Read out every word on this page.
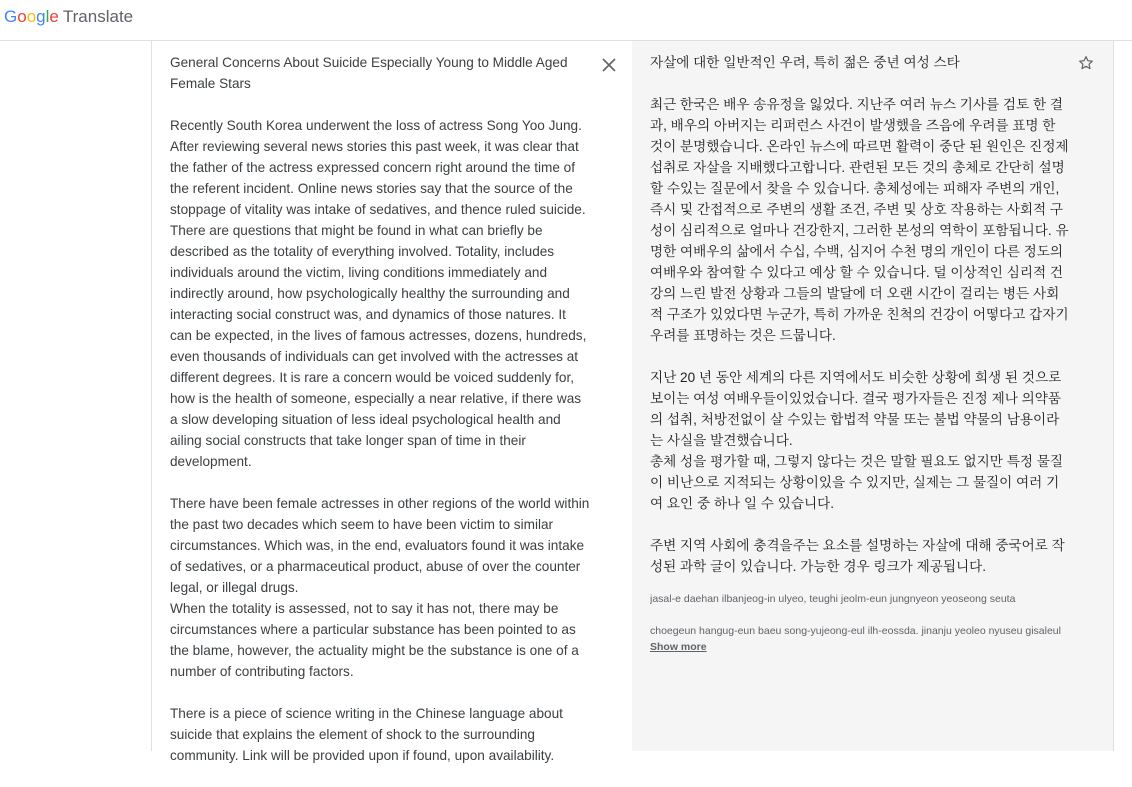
Google Translate

General Concerns About Suicide Especially Young to Middle Aged Female Stars

Recently South Korea underwent the loss of actress Song Yoo Jung. After reviewing several news stories this past week, it was clear that the father of the actress expressed concern right around the time of the referent incident. Online news stories say that the source of the stoppage of vitality was intake of sedatives, and thence ruled suicide. There are questions that might be found in what can briefly be described as the totality of everything involved. Totality, includes individuals around the victim, living conditions immediately and indirectly around, how psychologically healthy the surrounding and interacting social construct was, and dynamics of those natures. It can be expected, in the lives of famous actresses, dozens, hundreds, even thousands of individuals can get involved with the actresses at different degrees. It is rare a concern would be voiced suddenly for, how is the health of someone, especially a near relative, if there was a slow developing situation of less ideal psychological health and ailing social constructs that take longer span of time in their development.

There have been female actresses in other regions of the world within the past two decades which seem to have been victim to similar circumstances. Which was, in the end, evaluators found it was intake of sedatives, or a pharmaceutical product, abuse of over the counter legal, or illegal drugs.
When the totality is assessed, not to say it has not, there may be circumstances where a particular substance has been pointed to as the blame, however, the actuality might be the substance is one of a number of contributing factors.

There is a piece of science writing in the Chinese language about suicide that explains the element of shock to the surrounding community. Link will be provided upon if found, upon availability.

자살에 대한 일반적인 우려, 특히 젊은 중년 여성 스타

최근 한국은 배우 송유정을 잃었다. 지난주 여러 뉴스 기사를 검토 한 결과, 배우의 아버지는 리퍼런스 사건이 발생했을 즈음에 우려를 표명 한 것이 분명했습니다. 온라인 뉴스에 따르면 활력이 중단 된 원인은 진정제 섭취로 자살을 지배했다고합니다. 관련된 모든 것의 총체로 간단히 설명 할 수있는 질문에서 찾을 수 있습니다. 총체성에는 피해자 주변의 개인, 즉시 및 간접적으로 주변의 생활 조건, 주변 및 상호 작용하는 사회적 구성이 심리적으로 얼마나 건강한지, 그러한 본성의 역학이 포함됩니다. 유명한 여배우의 삶에서 수십, 수백, 심지어 수천 명의 개인이 다른 정도의 여배우와 참여할 수 있다고 예상 할 수 있습니다. 덜 이상적인 심리적 건강의 느린 발전 상황과 그들의 발달에 더 오랜 시간이 걸리는 병든 사회적 구조가 있었다면 누군가, 특히 가까운 친척의 건강이 어떻다고 갑자기 우려를 표명하는 것은 드뭅니다.

지난 20 년 동안 세계의 다른 지역에서도 비슷한 상황에 희생 된 것으로 보이는 여성 여배우들이있었습니다. 결국 평가자들은 진정 제나 의약품의 섭취, 처방전없이 살 수있는 합법적 약물 또는 불법 약물의 남용이라는 사실을 발견했습니다.
총체 성을 평가할 때, 그렇지 않다는 것은 말할 필요도 없지만 특정 물질이 비난으로 지적되는 상황이있을 수 있지만, 실제는 그 물질이 여러 기여 요인 중 하나 일 수 있습니다.

주변 지역 사회에 충격을주는 요소를 설명하는 자살에 대해 중국어로 작성된 과학 글이 있습니다. 가능한 경우 링크가 제공됩니다.

jasal-e daehan ilbanjeog-in ulyeo, teughi jeolm-eun jungnyeon yeoseong seuta
choegeun hangug-eun baeu song-yujeong-eul ilh-eossda. jinanju yeoleo nyuseu gisaleul
Show more
